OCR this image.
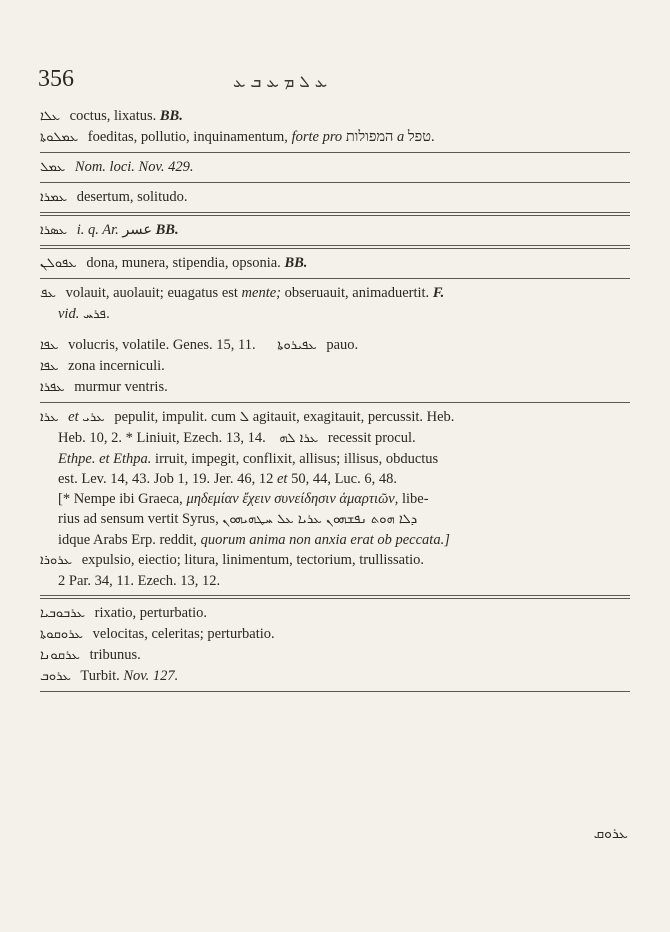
356	ܥ ܠ ܡ ܥ ܒ ܥ
ܥܠܐ coctus, lixatus. BB.
ܥܡܠܘܬܐ foeditas, pollutio, inquinamentum, forte pro המפולות a טפל.
ܥܡܠ Nom. loci. Nov. 429.
ܥܡܪܐ desertum, solitudo.
ܥܣܪܐ i. q. Ar. عسر BB.
ܥܦܘܠܢ dona, munera, stipendia, opsonia. BB.
ܥܦ volauit, auolauit; euagatus est mente; obseruauit, animaduertit. F.
vid. ܦܪܚ.
ܥܦܐ volucris, volatile. Genes. 15, 11. ܥܦܝܪܘܬܐ pauo.
ܥܦܐ zona incerniculi.
ܥܦܪܐ murmur ventris.
ܥܪܐ et ܥܪܝ pepulit, impulit. cum ܠ agitauit, exagitauit, percussit. Heb.
Heb. 10, 2. * Liniuit, Ezech. 13, 14. ܥܪܐ ܠܗ recessit procul.
Ethpe. et Ethpa. irruit, impegit, conflixit, allisus; illisus, obductus
est. Lev. 14, 43. Job 1, 19. Jer. 46, 12 et 50, 44, Luc. 6, 48.
[* Nempe ibi Graeca, μηδεμίαν ἔχειν συνείδησιν ἁμαρτιῶν, libe-
rius ad sensum vertit Syrus, ܕܠܐ ܗܘܬ ܢܦܫܗܘܢ ܥܪܝܐ ܥܠ ܚܛܗܝܗܘܢ
idque Arabs Erp. reddit, quorum anima non anxia erat ob peccata.]
ܥܪܘܪܐ expulsio, eiectio; litura, linimentum, tectorium, trullissatio.
2 Par. 34, 11. Ezech. 13, 12.
ܥܪܒܘܒܝܐ rixatio, perturbatio.
ܥܪܘܩܘܬܐ velocitas, celeritas; perturbatio.
ܥܪܩܘܢܐ tribunus.
ܥܪܘܒ Turbit. Nov. 127.
ܥܪܘܩ
